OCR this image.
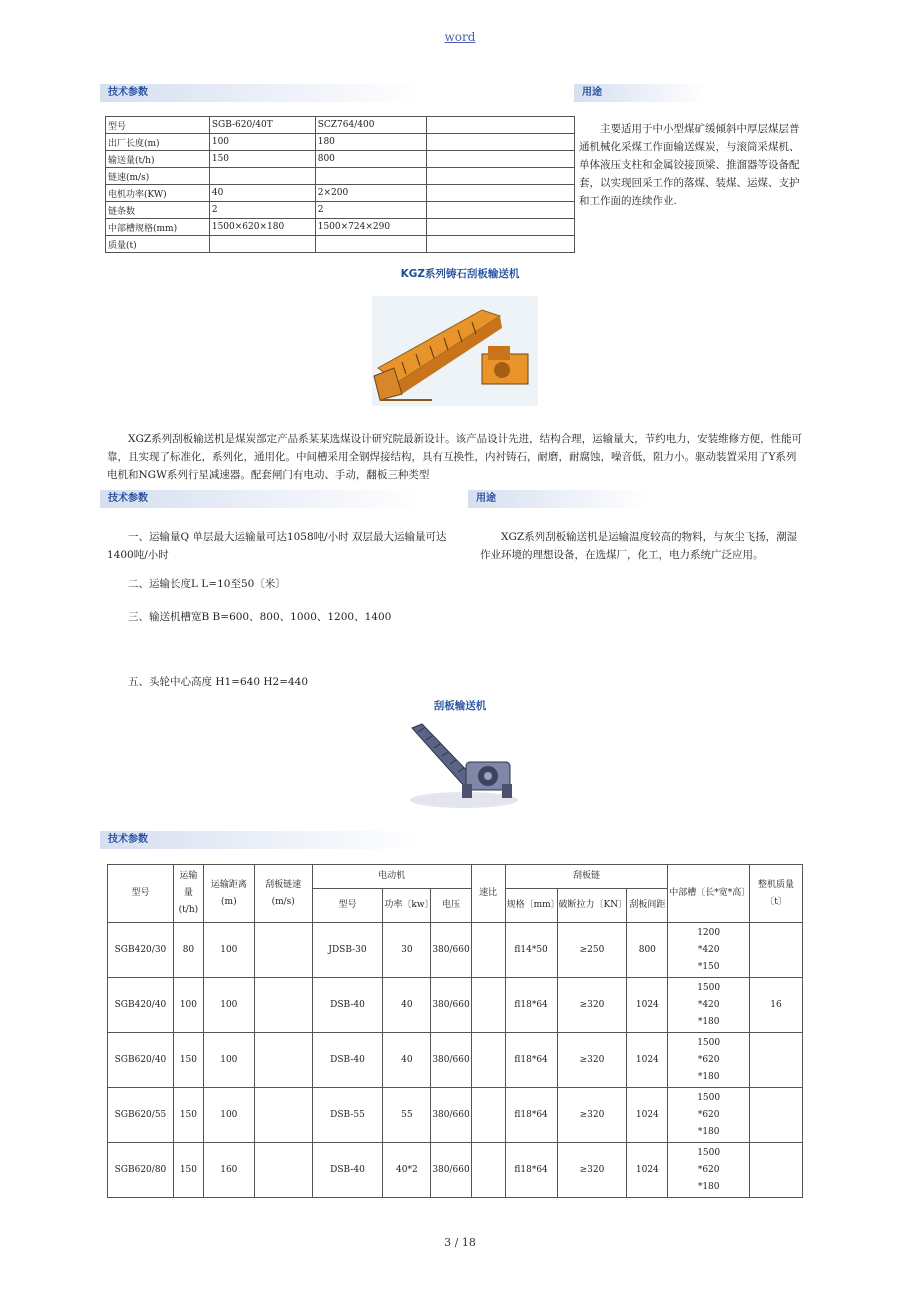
word
技术参数	用途
型号	SGB-620/40T	SCZ764/400	
出厂长度(m)	100	180	
输送量(t/h)	150	800	
链速(m/s)			
电机功率(KW)	40	2×200	
链条数	2	2	
中部槽规格(mm)	1500×620×180	1500×724×290	
质量(t)			
主要适用于中小型煤矿缓倾斜中厚层煤层普通机械化采煤工作面输送煤炭，与滚筒采煤机、单体液压支柱和金属铰接顶梁、推溜器等设备配套，以实现回采工作的落煤、装煤、运煤、支护和工作面的连续作业.
KGZ系列铸石刮板输送机
XGZ系列刮板输送机是煤炭部定产品系某某选煤设计研究院最新设计。该产品设计先进，结构合理，运输量大，节约电力，安装维修方便，性能可靠，且实现了标准化，系列化，通用化。中间槽采用全钢焊接结构，具有互换性，内衬铸石，耐磨，耐腐蚀，噪音低，阻力小。驱动装置采用了Y系列电机和NGW系列行星减速器。配套闸门有电动、手动，翻板三种类型
技术参数	用途
一、运输量Q 单层最大运输量可达1058吨/小时 双层最大运输量可达1400吨/小时
XGZ系列刮板输送机是运输温度较高的物料，与灰尘飞扬，潮湿作业环境的理想设备，在选煤厂，化工，电力系统广泛应用。
二、运输长度L L=10至50〔米〕
三、输送机槽宽B B=600、800、1000、1200、1400
五、头轮中心高度 H1=640 H2=440
刮板输送机
技术参数
型号	运输量(t/h)	运输距离(m)	刮板链速(m/s)	电动机			速比	刮板链			中部槽〔长*宽*高〕	整机质量〔t〕
				型号	功率〔kw〕	电压		规格〔mm〕	破断拉力〔KN〕	刮板间距		
SGB420/30	80	100		JDSB-30	30	380/660		fl14*50	≥250	800	1200
*420
*150	

SGB420/40	100	100		DSB-40	40	380/660		fl18*64	≥320	1024	1500
*420
*180	16
SGB620/40	150	100		DSB-40	40	380/660		fl18*64	≥320	1024	1500
*620
*180	

SGB620/55	150	100		DSB-55	55	380/660		fl18*64	≥320	1024	1500
*620
*180	

SGB620/80	150	160		DSB-40	40*2	380/660		fl18*64	≥320	1024	1500
*620
*180	

3 / 18
